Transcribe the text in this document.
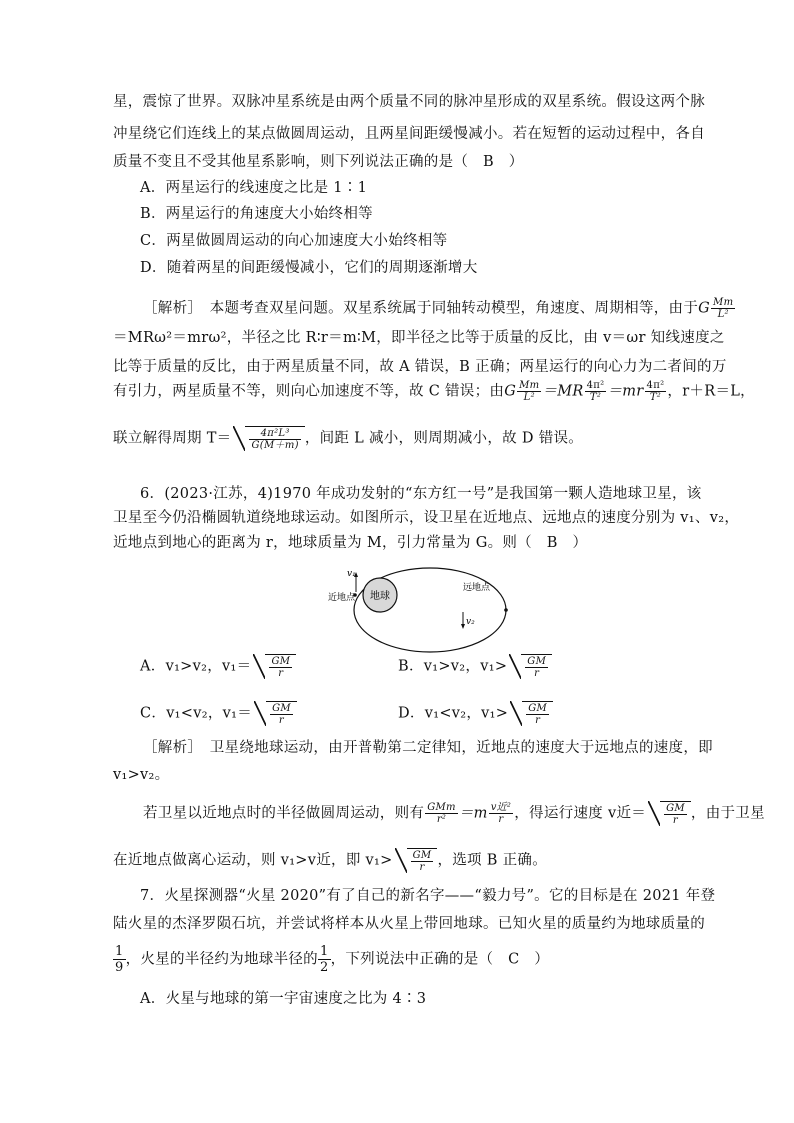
星，震惊了世界。双脉冲星系统是由两个质量不同的脉冲星形成的双星系统。假设这两个脉
冲星绕它们连线上的某点做圆周运动，且两星间距缓慢减小。若在短暂的运动过程中，各自
质量不变且不受其他星系影响，则下列说法正确的是（　B　）
A．两星运行的线速度之比是 1∶1
B．两星运行的角速度大小始终相等
C．两星做圆周运动的向心加速度大小始终相等
D．随着两星的间距缓慢减小，它们的周期逐渐增大
［解析］　本题考查双星问题。双星系统属于同轴转动模型，角速度、周期相等，由于G $\frac{Mm}{\text{L²}}$
＝MRω²＝mrω²，半径之比 R∶r＝m∶M，即半径之比等于质量的反比，由 v＝ωr 知线速度之
比等于质量的反比，由于两星质量不同，故 A 错误，B 正确；两星运行的向心力为二者间的万
有引力，两星质量不等，则向心加速度不等，故 C 错误；由G $\frac{Mm}{\text{L²}} =MR \frac{\text{4π²}}{\text{T²}} =mr \frac{\text{4π²}}{\text{T²}}$ ，r＋R＝L，
联立解得周期 $T= \frac{\text{4π²L³}}{G(M+m)}$ ，间距 L 减小，则周期减小，故 D 错误。
6．(2023·江苏，4)1970 年成功发射的“东方红一号”是我国第一颗人造地球卫星，该
卫星至今仍沿椭圆轨道绕地球运动。如图所示，设卫星在近地点、远地点的速度分别为 v₁、v₂，
近地点到地心的距离为 r，地球质量为 M，引力常量为 G。则（　B　）
地球
v₁
近地点
v₂
远地点
A．v₁>v₂，$v_1= \frac{GM}{r}$	B．v₁>v₂，$v_1> \frac{GM}{r}$
C．v₁<v₂，$v_1= \frac{GM}{r}$	D．v₁<v₂，$v_1> \frac{GM}{r}$
［解析］　卫星绕地球运动，由开普勒第二定律知，近地点的速度大于远地点的速度，即
v₁>v₂。
若卫星以近地点时的半径做圆周运动，则有 $\frac{\text{GMm}}{\text{r²}} =m \frac{\text{v近²}}{r}$ ，得运行速度 v近＝ $\frac{GM}{r}$ ，由于卫星
在近地点做离心运动，则 v₁>v近，即 $v_1> \frac{GM}{r}$ ，选项 B 正确。
7．火星探测器“火星 2020”有了自己的新名字——“毅力号”。它的目标是在 2021 年登
陆火星的杰泽罗陨石坑，并尝试将样本从火星上带回地球。已知火星的质量约为地球质量的
$\frac{1}{9}$ ，火星的半径约为地球半径的 $\frac{1}{2}$ ，下列说法中正确的是（　C　）
A．火星与地球的第一宇宙速度之比为 4∶3
